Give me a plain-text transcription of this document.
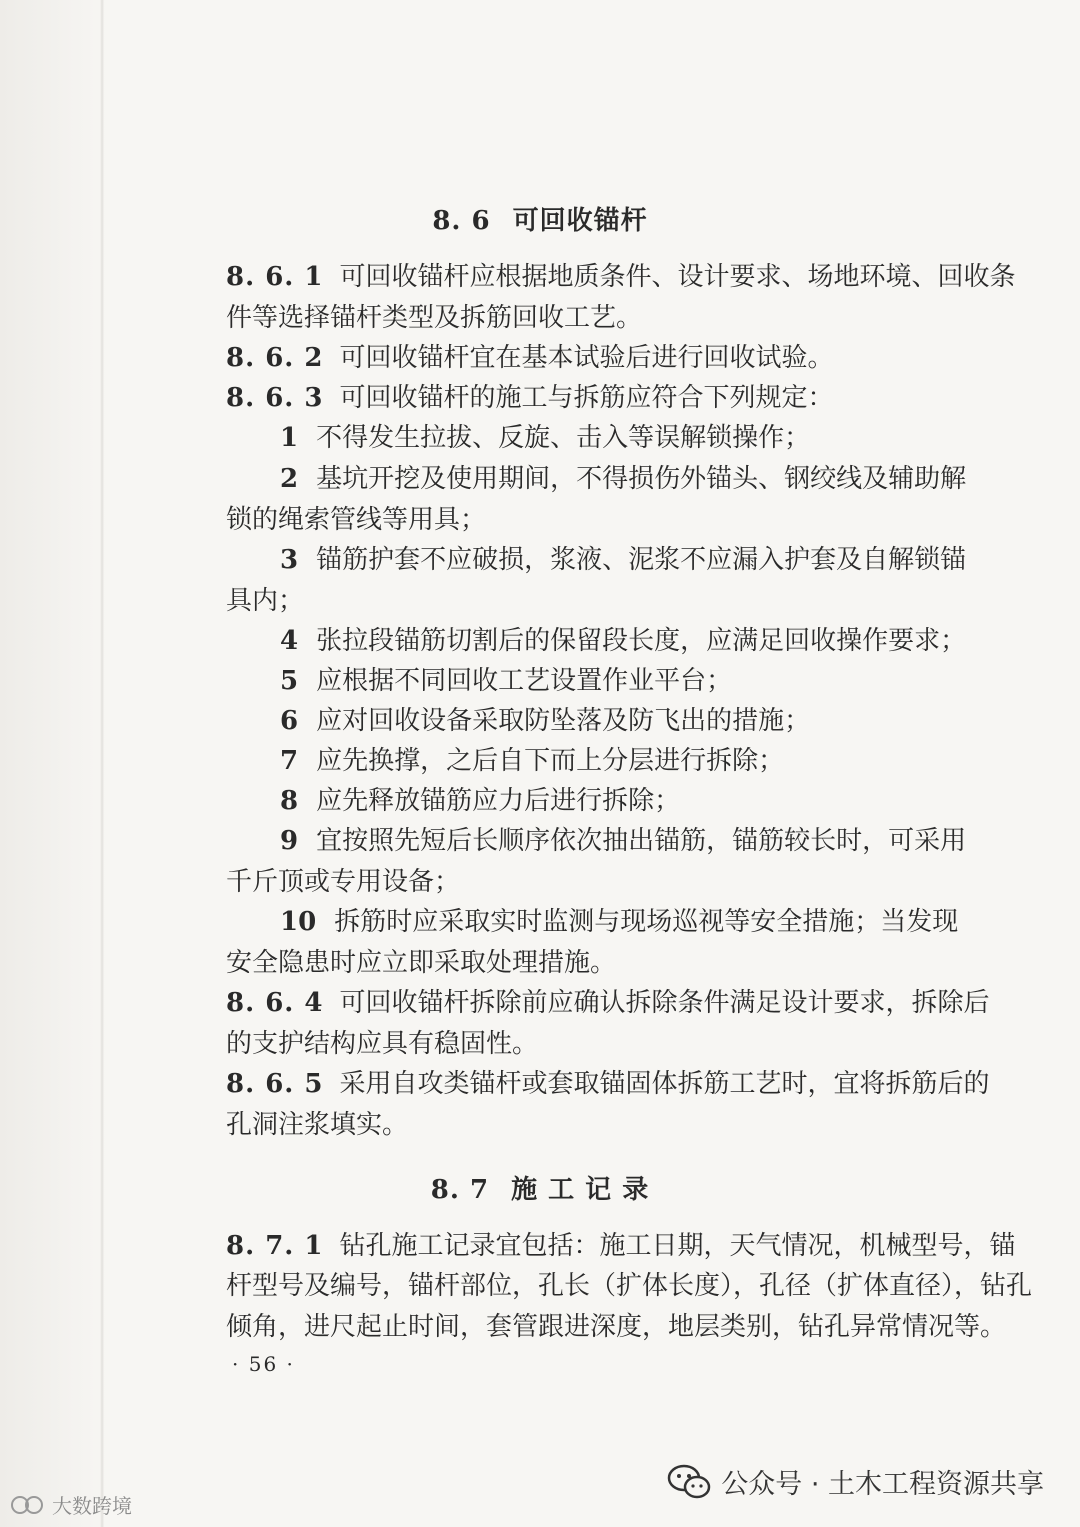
8. 6 可回收锚杆
8. 6. 1 可回收锚杆应根据地质条件、设计要求、场地环境、回收条
件等选择锚杆类型及拆筋回收工艺。
8. 6. 2 可回收锚杆宜在基本试验后进行回收试验。
8. 6. 3 可回收锚杆的施工与拆筋应符合下列规定：
1 不得发生拉拔、反旋、击入等误解锁操作；
2 基坑开挖及使用期间，不得损伤外锚头、钢绞线及辅助解
锁的绳索管线等用具；
3 锚筋护套不应破损，浆液、泥浆不应漏入护套及自解锁锚
具内；
4 张拉段锚筋切割后的保留段长度，应满足回收操作要求；
5 应根据不同回收工艺设置作业平台；
6 应对回收设备采取防坠落及防飞出的措施；
7 应先换撑，之后自下而上分层进行拆除；
8 应先释放锚筋应力后进行拆除；
9 宜按照先短后长顺序依次抽出锚筋，锚筋较长时，可采用
千斤顶或专用设备；
10 拆筋时应采取实时监测与现场巡视等安全措施；当发现
安全隐患时应立即采取处理措施。
8. 6. 4 可回收锚杆拆除前应确认拆除条件满足设计要求，拆除后
的支护结构应具有稳固性。
8. 6. 5 采用自攻类锚杆或套取锚固体拆筋工艺时，宜将拆筋后的
孔洞注浆填实。
8. 7 施 工 记 录
8. 7. 1 钻孔施工记录宜包括：施工日期，天气情况，机械型号，锚
杆型号及编号，锚杆部位，孔长（扩体长度），孔径（扩体直径），钻孔
倾角，进尺起止时间，套管跟进深度，地层类别，钻孔异常情况等。
· 56 ·
公众号 · 土木工程资源共享
大数跨境
